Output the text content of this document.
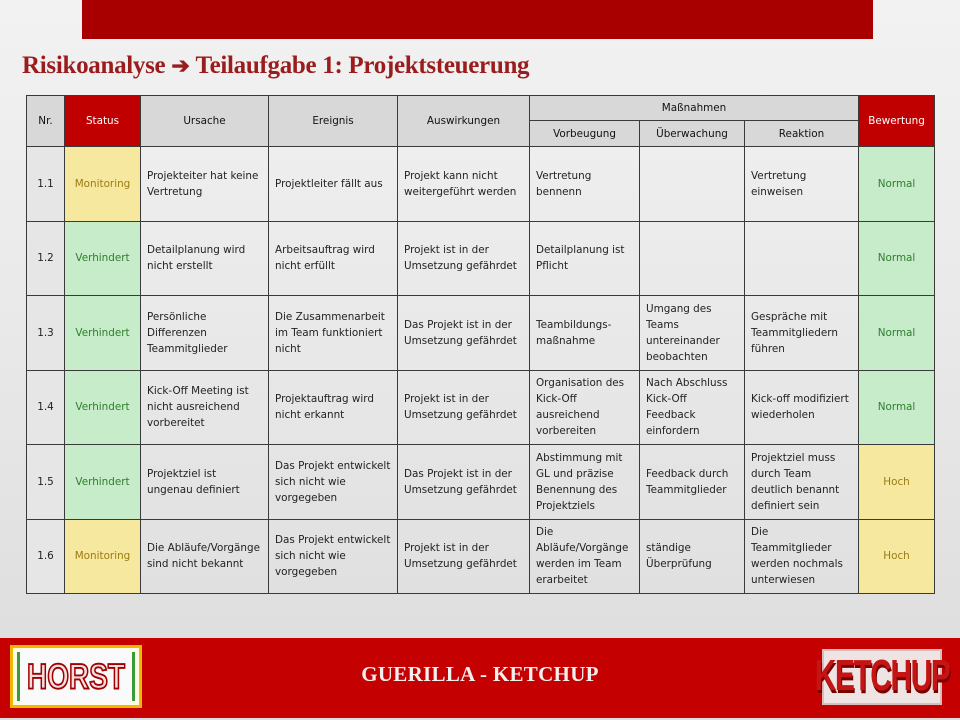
Risikoanalyse ➔ Teilaufgabe 1: Projektsteuerung
Nr.	Status	Ursache	Ereignis	Auswirkungen	Maßnahmen			Bewertung
					Vorbeugung	Überwachung	Reaktion	
1.1	Monitoring	Projekteiter hat keine Vertretung	Projektleiter fällt aus	Projekt kann nicht weitergeführt werden	Vertretung bennenn		Vertretung einweisen	Normal
1.2	Verhindert	Detailplanung wird nicht erstellt	Arbeitsauftrag wird nicht erfüllt	Projekt ist in der Umsetzung gefährdet	Detailplanung ist Pflicht			Normal
1.3	Verhindert	Persönliche Differenzen Teammitglieder	Die Zusammenarbeit im Team funktioniert nicht	Das Projekt ist in der Umsetzung gefährdet	Teambildungs-maßnahme	Umgang des Teams untereinander beobachten	Gespräche mit Teammitgliedern führen	Normal
1.4	Verhindert	Kick-Off Meeting ist nicht ausreichend vorbereitet	Projektauftrag wird nicht erkannt	Projekt ist in der Umsetzung gefährdet	Organisation des Kick-Off ausreichend vorbereiten	Nach Abschluss Kick-Off Feedback einfordern	Kick-off modifiziert wiederholen	Normal
1.5	Verhindert	Projektziel ist ungenau definiert	Das Projekt entwickelt sich nicht wie vorgegeben	Das Projekt ist in der Umsetzung gefährdet	Abstimmung mit GL und präzise Benennung des Projektziels	Feedback durch Teammitglieder	Projektziel muss durch Team deutlich benannt definiert sein	Hoch
1.6	Monitoring	Die Abläufe/Vorgänge sind nicht bekannt	Das Projekt entwickelt sich nicht wie vorgegeben	Projekt ist in der Umsetzung gefährdet	Die Abläufe/Vorgänge werden im Team erarbeitet	ständige Überprüfung	Die Teammitglieder werden nochmals unterwiesen	Hoch
HORST	GUERILLA - KETCHUP	KETCHUP
